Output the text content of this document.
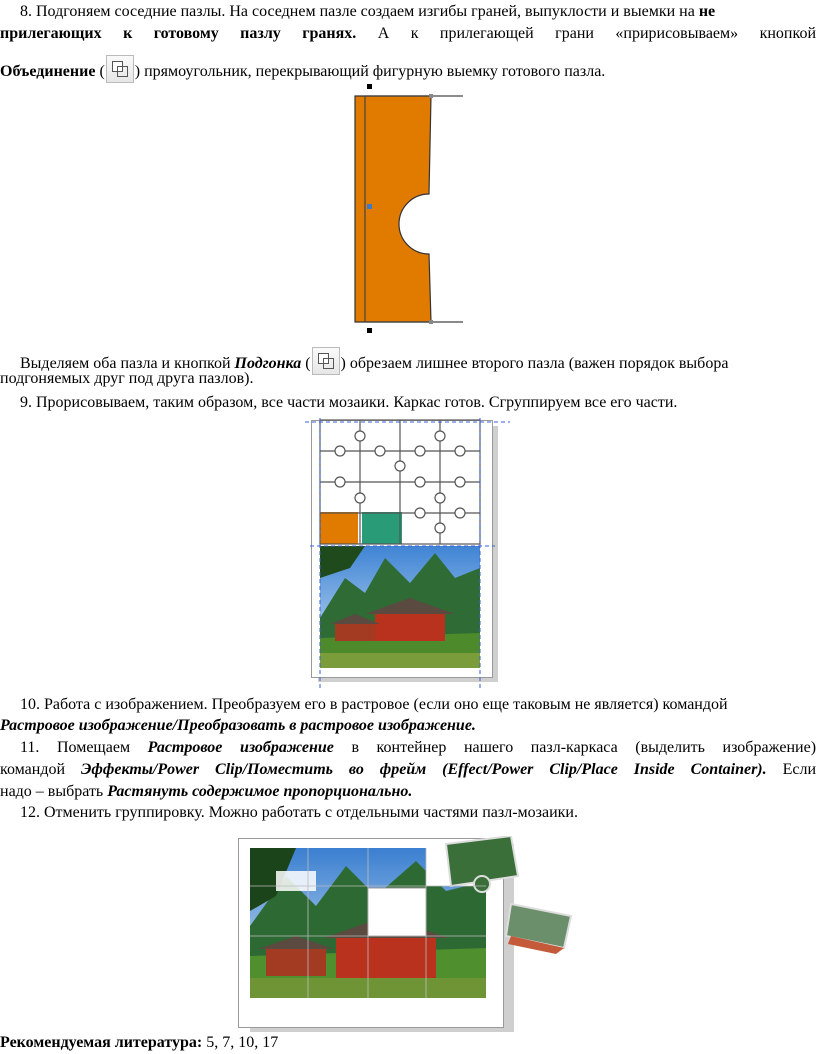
8. Подгоняем соседние пазлы. На соседнем пазле создаем изгибы граней, выпуклости и выемки на не
прилегающих к готовому пазлу гранях. А к прилегающей грани «пририсовываем» кнопкой
Объединение ( ) прямоугольник, перекрывающий фигурную выемку готового пазла.
Выделяем оба пазла и кнопкой Подгонка ( ) обрезаем лишнее второго пазла (важен порядок выбора
подгоняемых друг под друга пазлов).
9. Прорисовываем, таким образом, все части мозаики. Каркас готов. Сгруппируем все его части.
10. Работа с изображением. Преобразуем его в растровое (если оно еще таковым не является) командой
Растровое изображение/Преобразовать в растровое изображение.
11. Помещаем Растровое изображение в контейнер нашего пазл-каркаса (выделить изображение)
командой Эффекты/Power Clip/Поместить во фрейм (Effect/Power Clip/Place Inside Container). Если
надо – выбрать Растянуть содержимое пропорционально.
12. Отменить группировку. Можно работать с отдельными частями пазл-мозаики.
Рекомендуемая литература: 5, 7, 10, 17
